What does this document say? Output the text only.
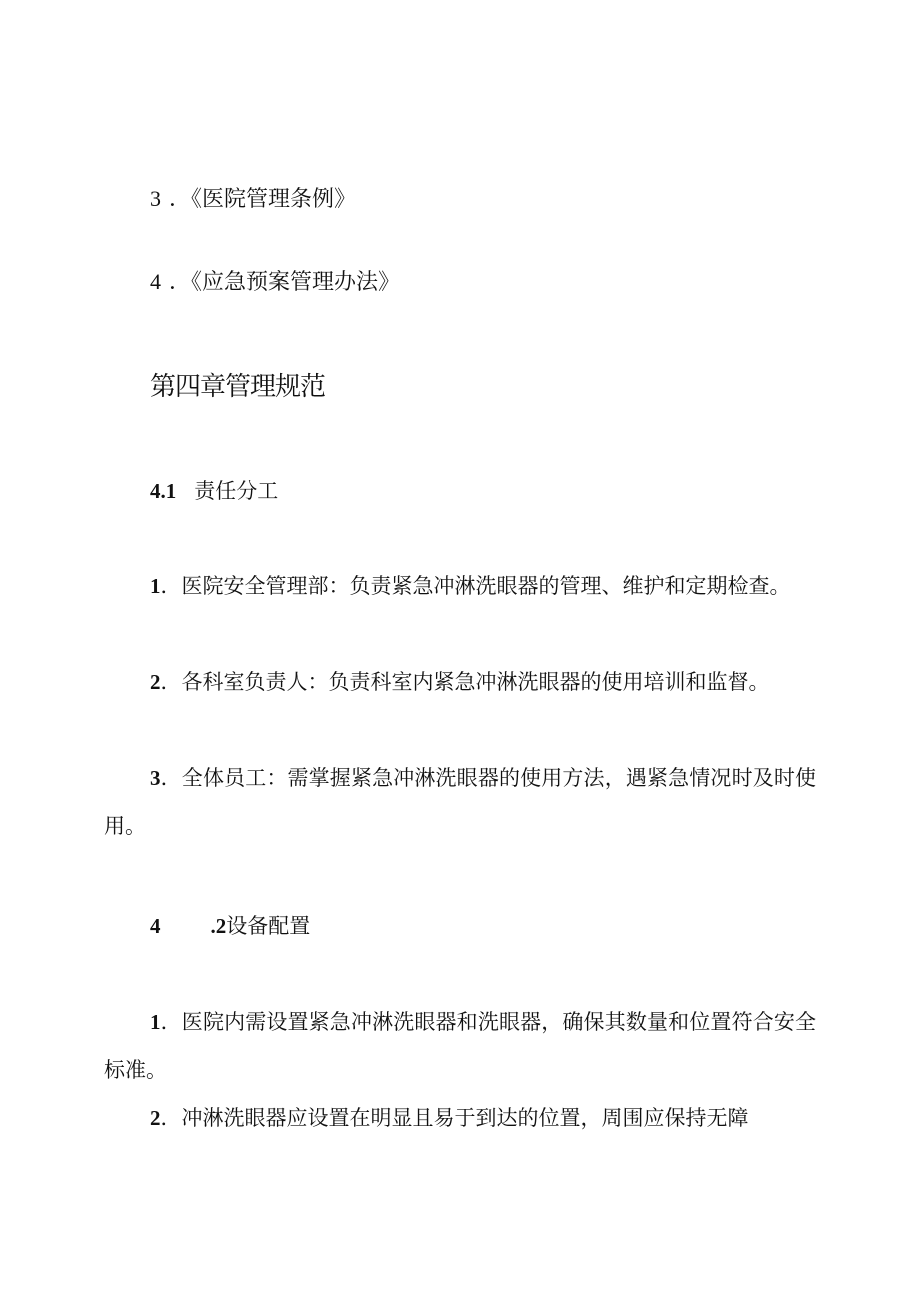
3 ．《医院管理条例》

4 ．《应急预案管理办法》

第四章管理规范

4.1 责任分工

1．医院安全管理部：负责紧急冲淋洗眼器的管理、维护和定期检查。

2．各科室负责人：负责科室内紧急冲淋洗眼器的使用培训和监督。

3．全体员工：需掌握紧急冲淋洗眼器的使用方法，遇紧急情况时及时使用。

4 .2设备配置

1．医院内需设置紧急冲淋洗眼器和洗眼器，确保其数量和位置符合安全标准。

2．冲淋洗眼器应设置在明显且易于到达的位置，周围应保持无障
